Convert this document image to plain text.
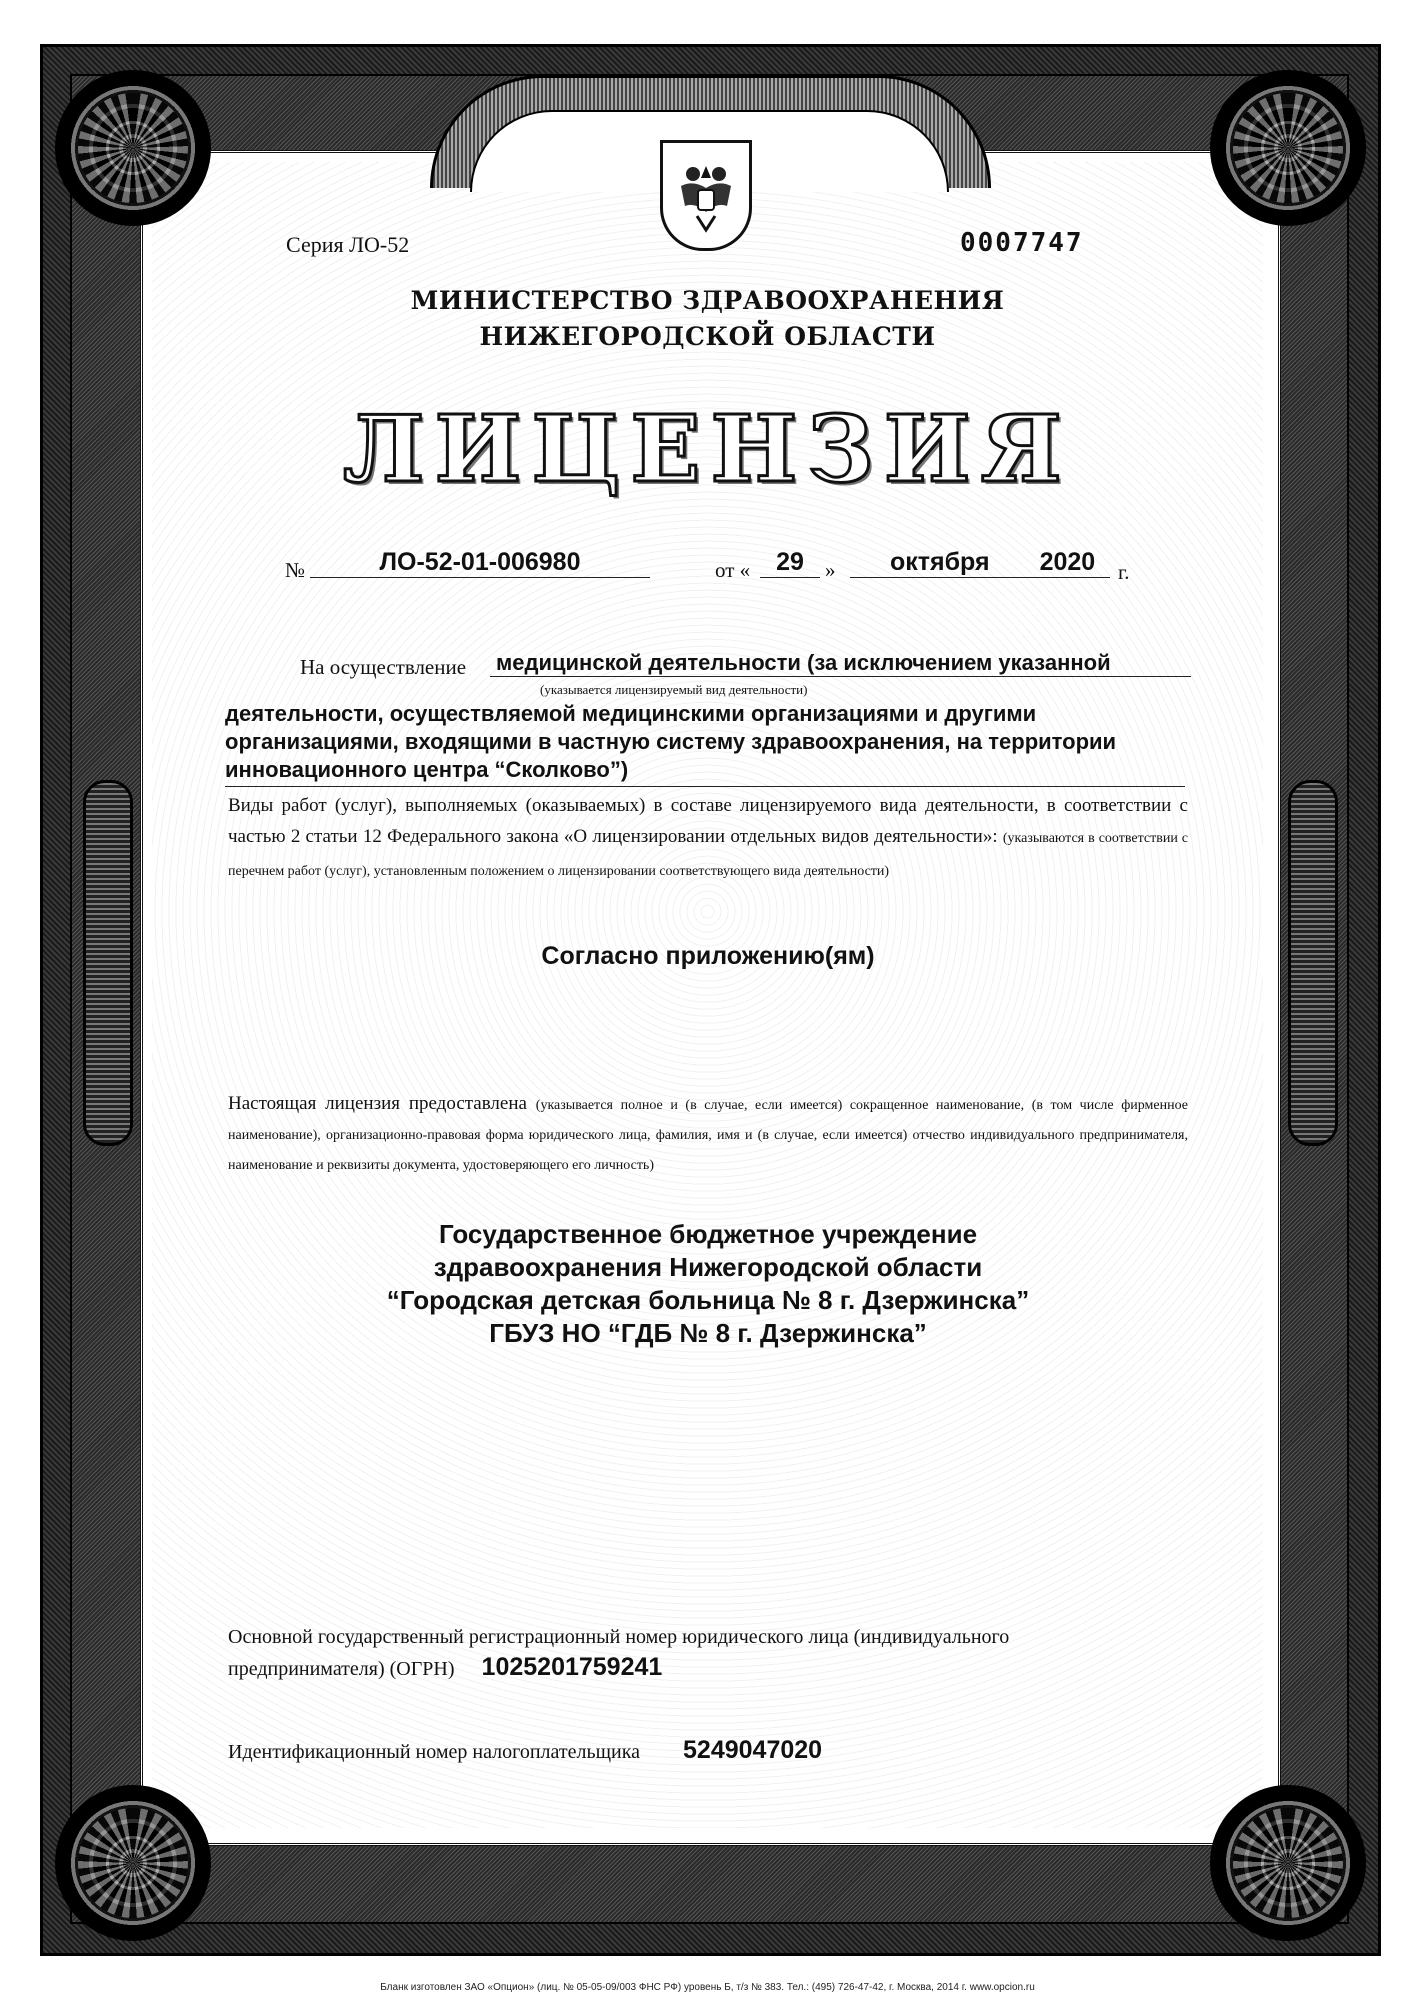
Серия ЛО-52	0007747
МИНИСТЕРСТВО ЗДРАВООХРАНЕНИЯ
НИЖЕГОРОДСКОЙ ОБЛАСТИ
ЛИЦЕНЗИЯ
№	ЛО-52-01-006980	от «	29	»	октября 2020	г.
На осуществление медицинской деятельности (за исключением указанной
(указывается лицензируемый вид деятельности)
деятельности, осуществляемой медицинскими организациями и другими организациями, входящими в частную систему здравоохранения, на территории инновационного центра “Сколково”)
Виды работ (услуг), выполняемых (оказываемых) в составе лицензируемого вида деятельности, в соответствии с частью 2 статьи 12 Федерального закона «О лицензировании отдельных видов деятельности»: (указываются в соответствии с перечнем работ (услуг), установленным положением о лицензировании соответствующего вида деятельности)
Согласно приложению(ям)
Настоящая лицензия предоставлена (указывается полное и (в случае, если имеется) сокращенное наименование, (в том числе фирменное наименование), организационно-правовая форма юридического лица, фамилия, имя и (в случае, если имеется) отчество индивидуального предпринимателя, наименование и реквизиты документа, удостоверяющего его личность)
Государственное бюджетное учреждение
здравоохранения Нижегородской области
“Городская детская больница № 8 г. Дзержинска”
ГБУЗ НО “ГДБ № 8 г. Дзержинска”
Основной государственный регистрационный номер юридического лица (индивидуального
предпринимателя) (ОГРН) 1025201759241
Идентификационный номер налогоплательщика 5249047020
Бланк изготовлен ЗАО «Опцион» (лиц. № 05-05-09/003 ФНС РФ) уровень Б, т/з № 383. Тел.: (495) 726-47-42, г. Москва, 2014 г. www.opcion.ru
